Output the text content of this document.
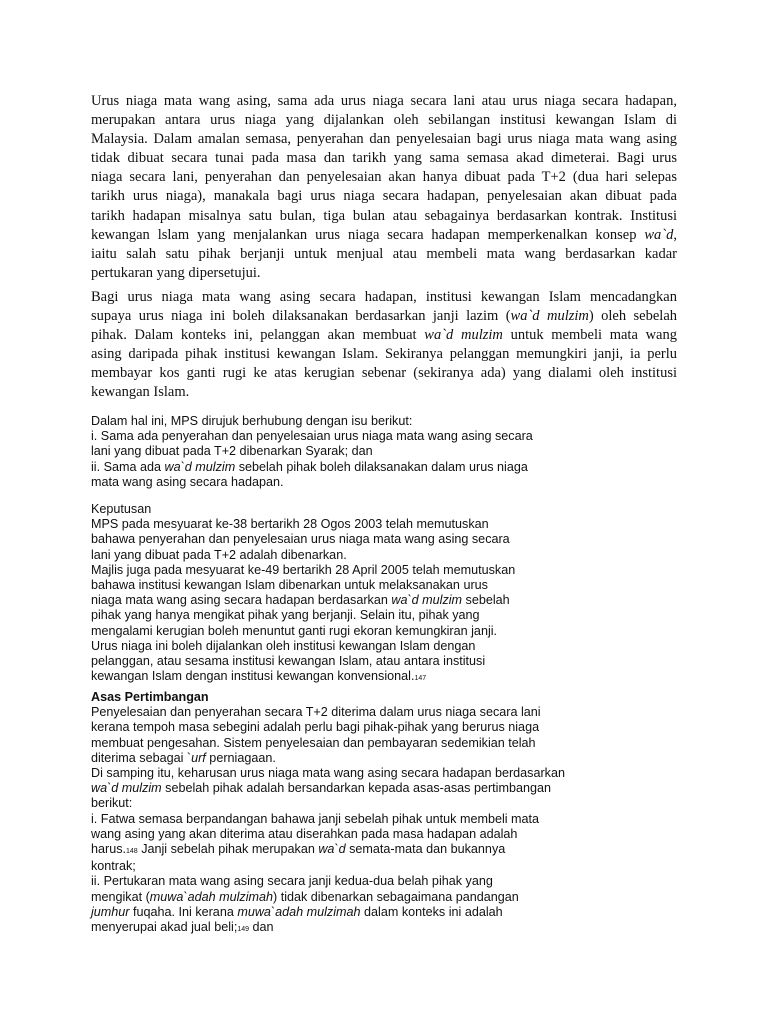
Urus niaga mata wang asing, sama ada urus niaga secara lani atau urus niaga secara hadapan,
merupakan antara urus niaga yang dijalankan oleh sebilangan institusi kewangan Islam di
Malaysia. Dalam amalan semasa, penyerahan dan penyelesaian bagi urus niaga mata wang asing
tidak dibuat secara tunai pada masa dan tarikh yang sama semasa akad dimeterai. Bagi urus
niaga secara lani, penyerahan dan penyelesaian akan hanya dibuat pada T+2 (dua hari selepas
tarikh urus niaga), manakala bagi urus niaga secara hadapan, penyelesaian akan dibuat pada
tarikh hadapan misalnya satu bulan, tiga bulan atau sebagainya berdasarkan kontrak. Institusi
kewangan lslam yang menjalankan urus niaga secara hadapan memperkenalkan konsep wa`d,
iaitu salah satu pihak berjanji untuk menjual atau membeli mata wang berdasarkan kadar
pertukaran yang dipersetujui.
Bagi urus niaga mata wang asing secara hadapan, institusi kewangan Islam mencadangkan
supaya urus niaga ini boleh dilaksanakan berdasarkan janji lazim (wa`d mulzim) oleh sebelah
pihak. Dalam konteks ini, pelanggan akan membuat wa`d mulzim untuk membeli mata wang
asing daripada pihak institusi kewangan Islam. Sekiranya pelanggan memungkiri janji, ia perlu
membayar kos ganti rugi ke atas kerugian sebenar (sekiranya ada) yang dialami oleh institusi
kewangan Islam.
Dalam hal ini, MPS dirujuk berhubung dengan isu berikut:
i. Sama ada penyerahan dan penyelesaian urus niaga mata wang asing secara
lani yang dibuat pada T+2 dibenarkan Syarak; dan
ii. Sama ada wa`d mulzim sebelah pihak boleh dilaksanakan dalam urus niaga
mata wang asing secara hadapan.
Keputusan
MPS pada mesyuarat ke-38 bertarikh 28 Ogos 2003 telah memutuskan
bahawa penyerahan dan penyelesaian urus niaga mata wang asing secara
lani yang dibuat pada T+2 adalah dibenarkan.
Majlis juga pada mesyuarat ke-49 bertarikh 28 April 2005 telah memutuskan
bahawa institusi kewangan Islam dibenarkan untuk melaksanakan urus
niaga mata wang asing secara hadapan berdasarkan wa`d mulzim sebelah
pihak yang hanya mengikat pihak yang berjanji. Selain itu, pihak yang
mengalami kerugian boleh menuntut ganti rugi ekoran kemungkiran janji.
Urus niaga ini boleh dijalankan oleh institusi kewangan Islam dengan
pelanggan, atau sesama institusi kewangan Islam, atau antara institusi
kewangan Islam dengan institusi kewangan konvensional.147
Asas Pertimbangan
Penyelesaian dan penyerahan secara T+2 diterima dalam urus niaga secara lani
kerana tempoh masa sebegini adalah perlu bagi pihak-pihak yang berurus niaga
membuat pengesahan. Sistem penyelesaian dan pembayaran sedemikian telah
diterima sebagai `urf perniagaan.
Di samping itu, keharusan urus niaga mata wang asing secara hadapan berdasarkan
wa`d mulzim sebelah pihak adalah bersandarkan kepada asas-asas pertimbangan
berikut:
i. Fatwa semasa berpandangan bahawa janji sebelah pihak untuk membeli mata
wang asing yang akan diterima atau diserahkan pada masa hadapan adalah
harus.148 Janji sebelah pihak merupakan wa`d semata-mata dan bukannya
kontrak;
ii. Pertukaran mata wang asing secara janji kedua-dua belah pihak yang
mengikat (muwa`adah mulzimah) tidak dibenarkan sebagaimana pandangan
jumhur fuqaha. Ini kerana muwa`adah mulzimah dalam konteks ini adalah
menyerupai akad jual beli;149 dan
